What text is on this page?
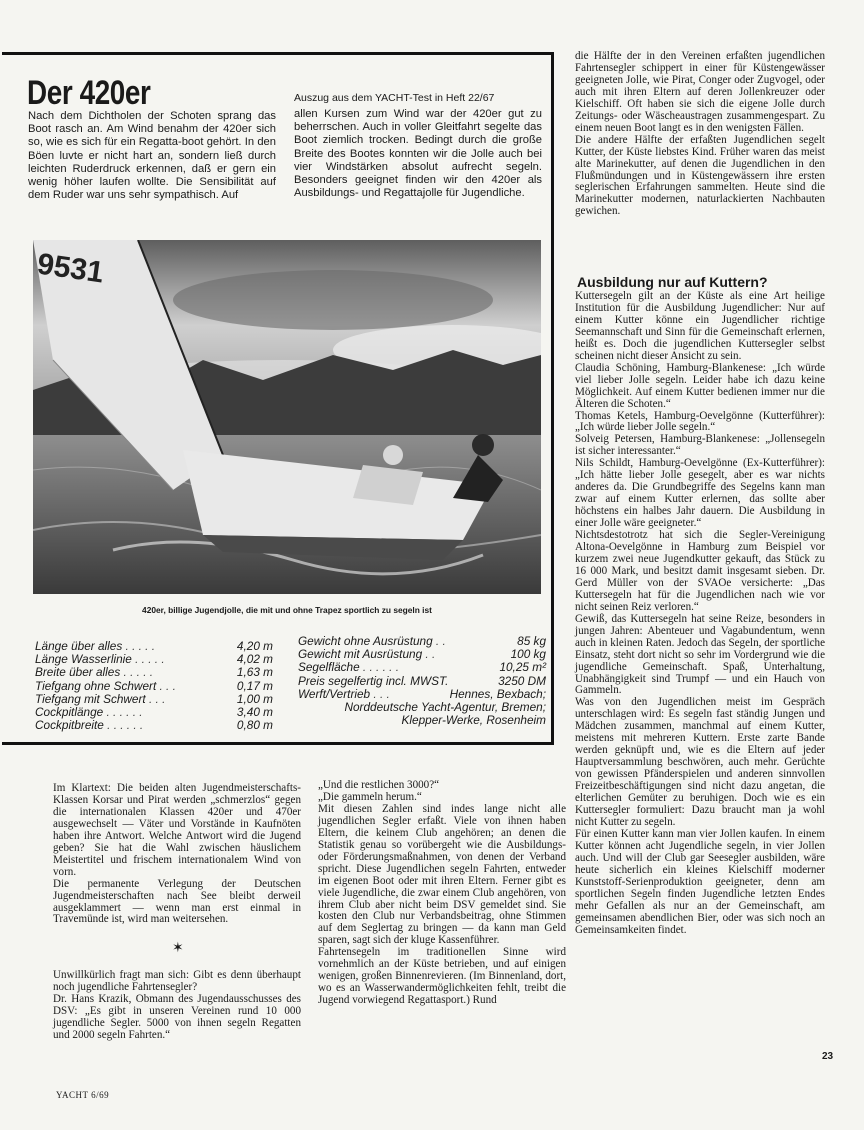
Der 420er	Auszug aus dem YACHT-Test in Heft 22/67
Nach dem Dichtholen der Schoten sprang das Boot rasch an. Am Wind benahm der 420er sich so, wie es sich für ein Regatta-boot gehört. In den Böen luvte er nicht hart an, sondern ließ durch leichten Ruderdruck erkennen, daß er gern ein wenig höher laufen wollte. Die Sensibilität auf dem Ruder war uns sehr sympathisch. Auf
allen Kursen zum Wind war der 420er gut zu beherrschen. Auch in voller Gleitfahrt segelte das Boot ziemlich trocken. Bedingt durch die große Breite des Bootes konnten wir die Jolle auch bei vier Windstärken absolut aufrecht segeln. Besonders geeignet finden wir den 420er als Ausbildungs- und Regattajolle für Jugendliche.
9531
420er, billige Jugendjolle, die mit und ohne Trapez sportlich zu segeln ist
Länge über alles . . . . .	4,20 m
Länge Wasserlinie . . . . .	4,02 m
Breite über alles . . . . .	1,63 m
Tiefgang ohne Schwert . . .	0,17 m
Tiefgang mit Schwert . . .	1,00 m
Cockpitlänge . . . . . .	3,40 m
Cockpitbreite . . . . . .	0,80 m
Gewicht ohne Ausrüstung . .	85 kg
Gewicht mit Ausrüstung . .	100 kg
Segelfläche . . . . . .	10,25 m²
Preis segelfertig incl. MWST.	3250 DM
Werft/Vertrieb . . .	Hennes, Bexbach;
Norddeutsche Yacht-Agentur, Bremen;
Klepper-Werke, Rosenheim

Im Klartext: Die beiden alten Jugendmeisterschafts-Klassen Korsar und Pirat werden „schmerzlos“ gegen die internationalen Klassen 420er und 470er ausgewechselt — Väter und Vorstände in Kaufnöten haben ihre Antwort. Welche Antwort wird die Jugend geben? Sie hat die Wahl zwischen häuslichem Meistertitel und frischem internationalem Wind von vorn.

Die permanente Verlegung der Deutschen Jugendmeisterschaften nach See bleibt derweil ausgeklammert — wenn man erst einmal in Travemünde ist, wird man weitersehen.

✶

Unwillkürlich fragt man sich: Gibt es denn überhaupt noch jugendliche Fahrtensegler?

Dr. Hans Krazik, Obmann des Jugendausschusses des DSV: „Es gibt in unseren Vereinen rund 10 000 jugendliche Segler. 5000 von ihnen segeln Regatten und 2000 segeln Fahrten.“

„Und die restlichen 3000?“

„Die gammeln herum.“

Mit diesen Zahlen sind indes lange nicht alle jugendlichen Segler erfaßt. Viele von ihnen haben Eltern, die keinem Club angehören; an denen die Statistik genau so vorübergeht wie die Ausbildungs- oder Förderungsmaßnahmen, von denen der Verband spricht. Diese Jugendlichen segeln Fahrten, entweder im eigenen Boot oder mit ihren Eltern. Ferner gibt es viele Jugendliche, die zwar einem Club angehören, von ihrem Club aber nicht beim DSV gemeldet sind. Sie kosten den Club nur Verbandsbeitrag, ohne Stimmen auf dem Seglertag zu bringen — da kann man Geld sparen, sagt sich der kluge Kassenführer.

Fahrtensegeln im traditionellen Sinne wird vornehmlich an der Küste betrieben, und auf einigen wenigen, großen Binnenrevieren. (Im Binnenland, dort, wo es an Wasserwandermöglichkeiten fehlt, treibt die Jugend vorwiegend Regattasport.) Rund

die Hälfte der in den Vereinen erfaßten jugendlichen Fahrtensegler schippert in einer für Küstengewässer geeigneten Jolle, wie Pirat, Conger oder Zugvogel, oder auch mit ihren Eltern auf deren Jollenkreuzer oder Kielschiff. Oft haben sie sich die eigene Jolle durch Zeitungs- oder Wäscheaustragen zusammengespart. Zu einem neuen Boot langt es in den wenigsten Fällen.

Die andere Hälfte der erfaßten Jugendlichen segelt Kutter, der Küste liebstes Kind. Früher waren das meist alte Marinekutter, auf denen die Jugendlichen in den Flußmündungen und in Küstengewässern ihre ersten seglerischen Erfahrungen sammelten. Heute sind die Marinekutter modernen, naturlackierten Nachbauten gewichen.

Ausbildung nur auf Kuttern?

Kuttersegeln gilt an der Küste als eine Art heilige Institution für die Ausbildung Jugendlicher: Nur auf einem Kutter könne ein Jugendlicher richtige Seemannschaft und Sinn für die Gemeinschaft erlernen, heißt es. Doch die jugendlichen Kuttersegler selbst scheinen nicht dieser Ansicht zu sein.

Claudia Schöning, Hamburg-Blankenese: „Ich würde viel lieber Jolle segeln. Leider habe ich dazu keine Möglichkeit. Auf einem Kutter bedienen immer nur die Älteren die Schoten.“

Thomas Ketels, Hamburg-Oevelgönne (Kutterführer): „Ich würde lieber Jolle segeln.“

Solveig Petersen, Hamburg-Blankenese: „Jollensegeln ist sicher interessanter.“

Nils Schildt, Hamburg-Oevelgönne (Ex-Kutterführer): „Ich hätte lieber Jolle gesegelt, aber es war nichts anderes da. Die Grundbegriffe des Segelns kann man zwar auf einem Kutter erlernen, das sollte aber höchstens ein halbes Jahr dauern. Die Ausbildung in einer Jolle wäre geeigneter.“

Nichtsdestotrotz hat sich die Segler-Vereinigung Altona-Oevelgönne in Hamburg zum Beispiel vor kurzem zwei neue Jugendkutter gekauft, das Stück zu 16 000 Mark, und besitzt damit insgesamt sieben. Dr. Gerd Müller von der SVAOe versicherte: „Das Kuttersegeln hat für die Jugendlichen nach wie vor nicht seinen Reiz verloren.“

Gewiß, das Kuttersegeln hat seine Reize, besonders in jungen Jahren: Abenteuer und Vagabundentum, wenn auch in kleinen Raten. Jedoch das Segeln, der sportliche Einsatz, steht dort nicht so sehr im Vordergrund wie die jugendliche Gemeinschaft. Spaß, Unterhaltung, Unabhängigkeit sind Trumpf — und ein Hauch von Gammeln.

Was von den Jugendlichen meist im Gespräch unterschlagen wird: Es segeln fast ständig Jungen und Mädchen zusammen, manchmal auf einem Kutter, meistens mit mehreren Kuttern. Erste zarte Bande werden geknüpft und, wie es die Eltern auf jeder Hauptversammlung beschwören, auch mehr. Gerüchte von gewissen Pfänderspielen und anderen sinnvollen Freizeitbeschäftigungen sind nicht dazu angetan, die elterlichen Gemüter zu beruhigen. Doch wie es ein Kuttersegler formuliert: Dazu braucht man ja wohl nicht Kutter zu segeln.

Für einen Kutter kann man vier Jollen kaufen. In einem Kutter können acht Jugendliche segeln, in vier Jollen auch. Und will der Club gar Seesegler ausbilden, wäre heute sicherlich ein kleines Kielschiff moderner Kunststoff-Serienproduktion geeigneter, denn am sportlichen Segeln finden Jugendliche letzten Endes mehr Gefallen als nur an der Gemeinschaft, am gemeinsamen abendlichen Bier, oder was sich noch an Gemeinsamkeiten findet.

YACHT 6/69
23
